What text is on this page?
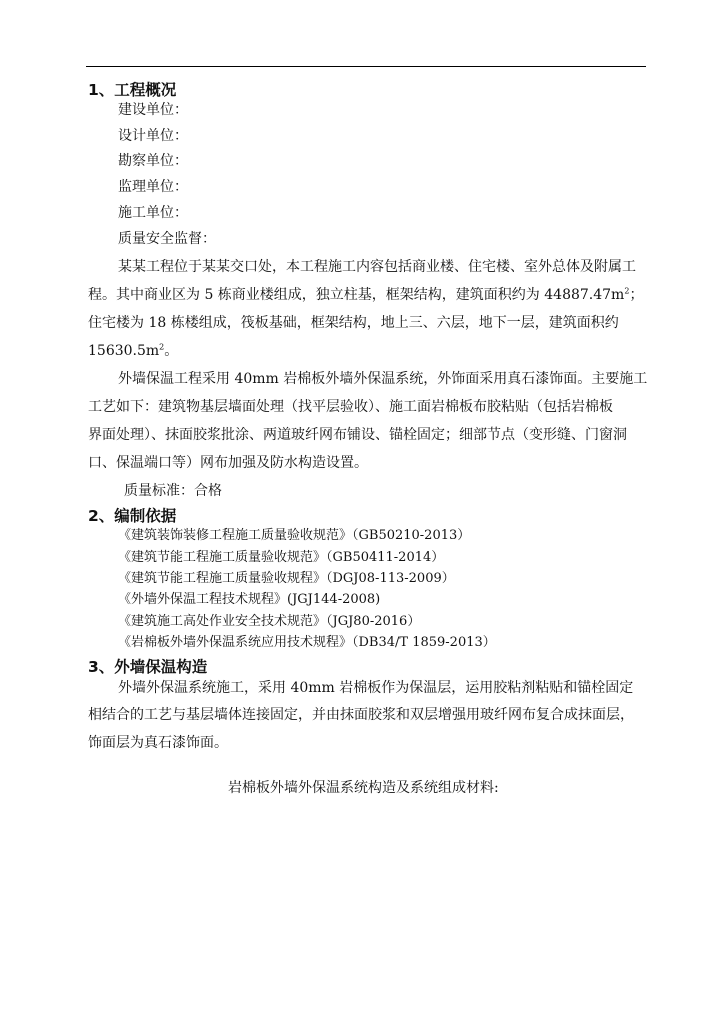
1、工程概况
建设单位：
设计单位：
勘察单位：
监理单位：
施工单位：
质量安全监督：
某某工程位于某某交口处，本工程施工内容包括商业楼、住宅楼、室外总体及附属工
程。其中商业区为 5 栋商业楼组成，独立柱基，框架结构，建筑面积约为 $44887.47m^2$；
住宅楼为 18 栋楼组成，筏板基础，框架结构，地上三、六层，地下一层，建筑面积约
$15630.5m^2$。
外墙保温工程采用 40mm 岩棉板外墙外保温系统，外饰面采用真石漆饰面。主要施工
工艺如下：建筑物基层墙面处理（找平层验收）、施工面岩棉板布胶粘贴（包括岩棉板
界面处理）、抹面胶浆批涂、两道玻纤网布铺设、锚栓固定；细部节点（变形缝、门窗洞
口、保温端口等）网布加强及防水构造设置。
质量标准：合格
2、编制依据
《建筑装饰装修工程施工质量验收规范》（GB50210-2013）
《建筑节能工程施工质量验收规范》（GB50411-2014）
《建筑节能工程施工质量验收规程》（DGJ08-113-2009）
《外墙外保温工程技术规程》(JGJ144-2008)
《建筑施工高处作业安全技术规范》（JGJ80-2016）
《岩棉板外墙外保温系统应用技术规程》（DB34/T 1859-2013）
3、外墙保温构造
外墙外保温系统施工，采用 40mm 岩棉板作为保温层，运用胶粘剂粘贴和锚栓固定
相结合的工艺与基层墙体连接固定，并由抹面胶浆和双层增强用玻纤网布复合成抹面层，
饰面层为真石漆饰面。
岩棉板外墙外保温系统构造及系统组成材料:
